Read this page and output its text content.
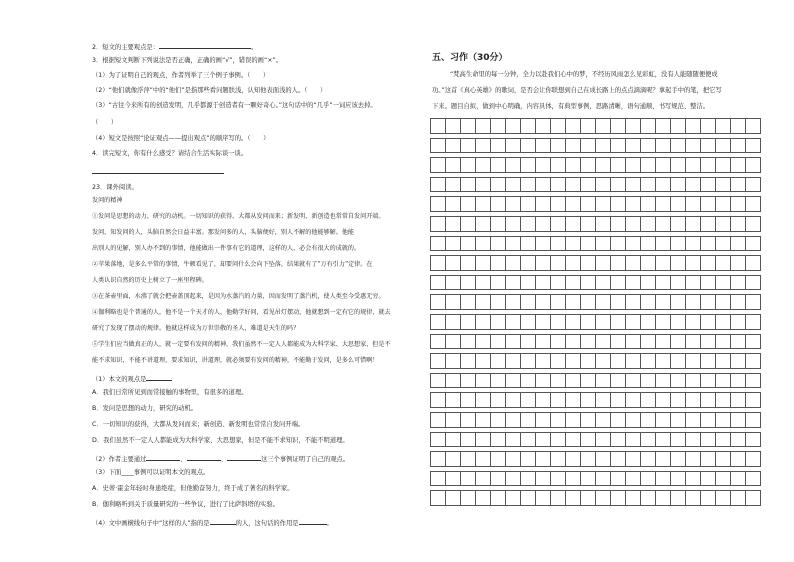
2．短文的主要观点是：	。
3．根据短文判断下列说法是否正确，正确的画“√”，错误的画“×”。
（1）为了证明自己的观点，作者列举了三个例子事例。（　　）
（2）“他们就像浮萍”中的“他们”是指那些看问题肤浅，认知他表面浅的人。（　　）
（3）“古往今来所有的创造发明，几乎都源于创造者有一颗好奇心。”这句话中的“几乎”一词应该去掉。
（　　）
（4）短文是按照“论证观点——提出观点”的顺序写的。（　　）
4．读完短文，你有什么感受？请结合生活实际谈一谈。
23．课外阅读。
发问的精神
①发问是思想的动力，研究的动机。一切知识的获得，大都从发问而来；新发明、新创造也常常自发问开端。
发问，知发问的人，头脑自然会日益丰富。那发问多的人，头脑便好，别人不解的他能够解。他能
出别人的见解，别人办不到的事情，他能做出一件事有它的道理，这样的人，必会有很大的成就的。
②苹果落地，是多么平常的事情，牛顿看见了，却要问什么会向下坠落，结果就有了“万有引力”定律。在
人类认识自然的历史上树立了一座里程碑。
③在茶壶里面，水沸了就会把壶盖顶起来，是因为水蒸汽的力量，因而发明了蒸汽机，使人类至今受惠无穷。
④伽利略也是个普通的人，他不是一个天才的人，他勤学好问，看见吊灯摆动，他就想到一定有它的规律，就去
研究了发现了摆动的规律。他就这样成为万世崇敬的圣人，难道是天生的吗？
⑤学生们应当做真正的人，就一定要有发问的精神，我们虽然不一定人人都能成为大科学家、大思想家，但是不
能不求知识，不能不讲道理，要求知识，讲道理，就必须要有发问的精神，不能勤于发问，是多么可惜啊！
（1）本文的观点是
A．我们日常所见到而常接触的事物里，有很多的道理。
B．发问是思想的动力，研究的动机。
C．一切知识的获得，大都从发问而来；新创造、新发明也常常自发问开端。
D．我们虽然不一定人人都能成为大科学家、大思想家，但是不能不求知识，不能不明道理。
（2）作者主要通过	、	、	这三个事例证明了自己的观点。
（3）下面____事例可以证明本文的观点。
A．史蒂·霍金年轻时身患绝症，但他勤奋努力，终于成了著名的科学家。
B．伽利略听到关于质量研究的一些争议，进行了比萨斜塔的实验。
（4）文中画横线句子中“这样的人”指的是	的人，这句话的作用是	。
五、习作（30分）
“梵高生命里的每一分钟，全力以赴我们心中的梦，不经历风雨怎么见彩虹，没有人能随随便便成
功。”这首《真心英雄》的歌词，是否会让你联想到自己在成长路上的点点滴滴呢？拿起手中的笔，把它写
下来。题目自拟，做到中心明确，内容具体，有典型事例，思路清晰，语句通顺，书写规范、整洁。
